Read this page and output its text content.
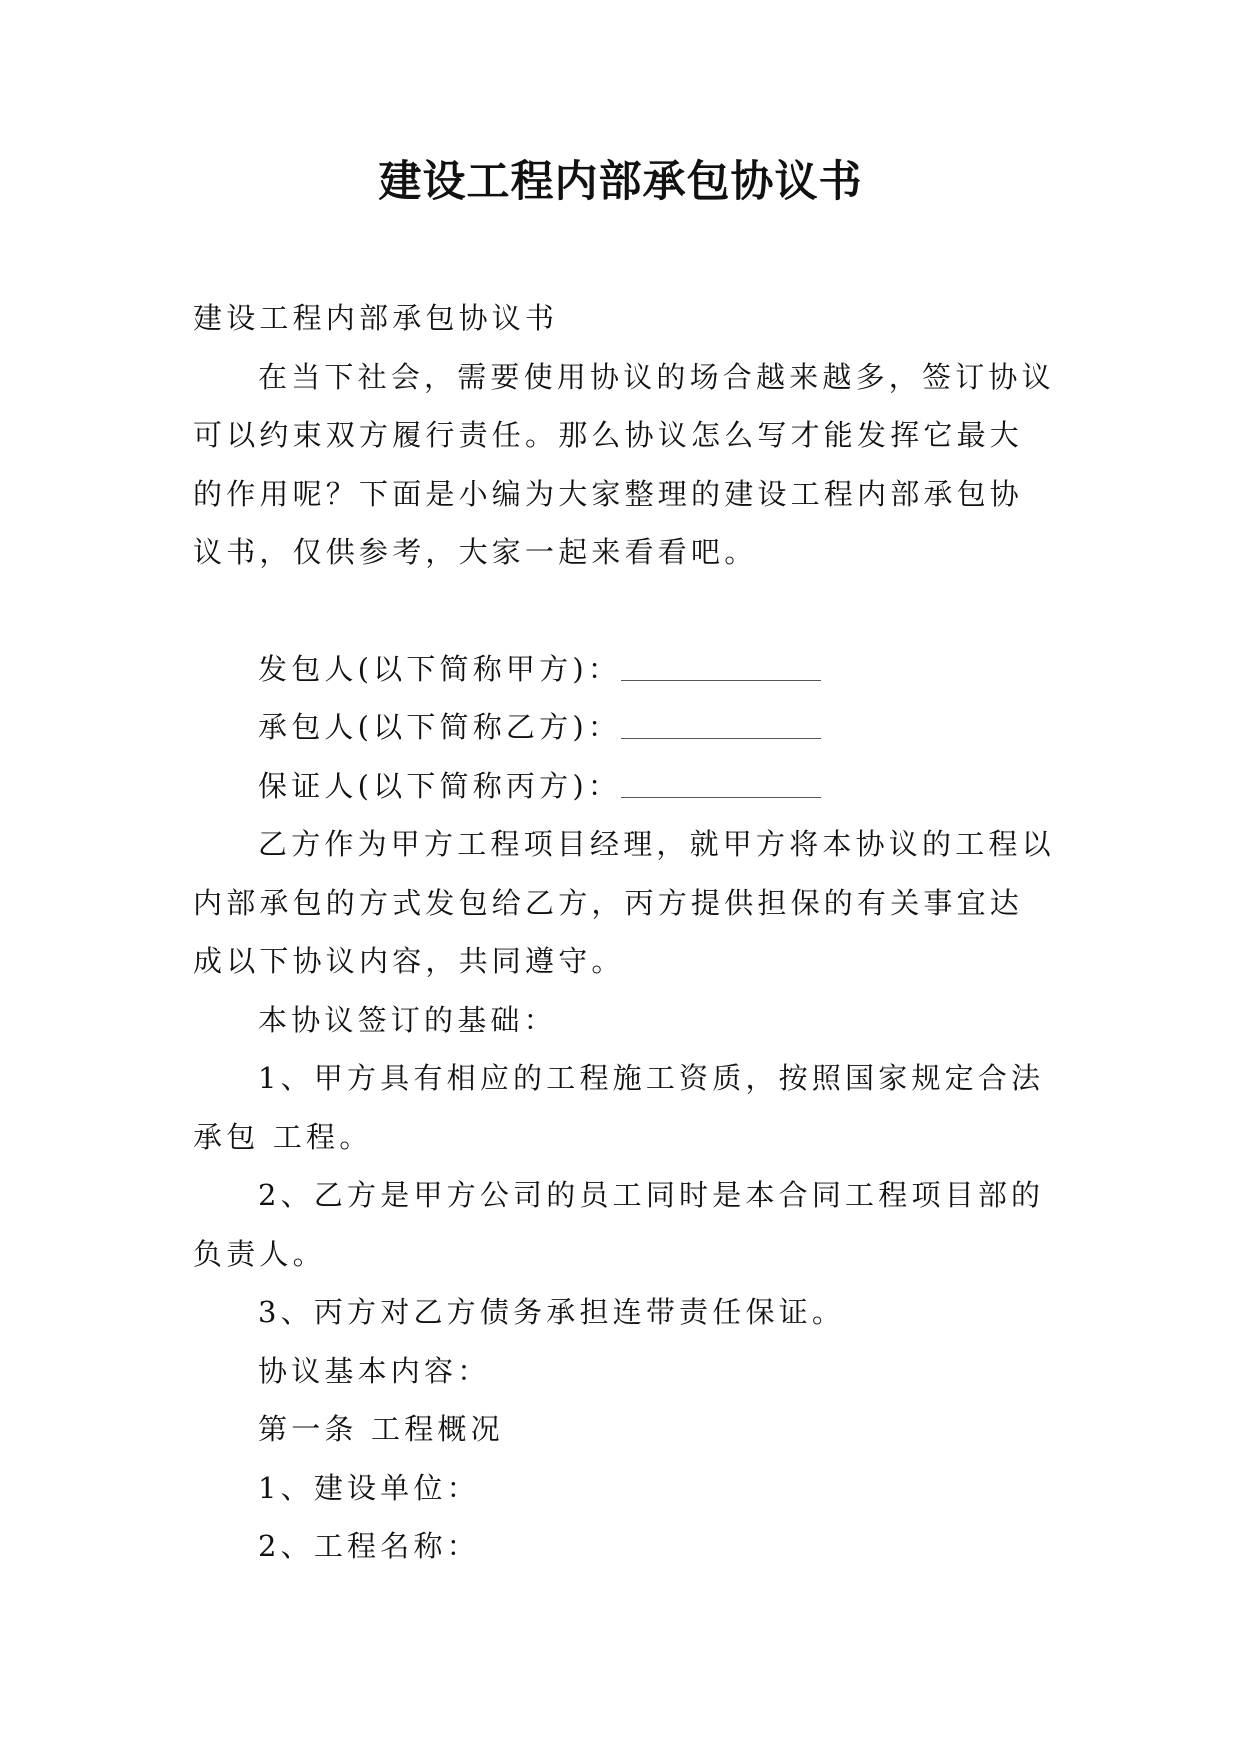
建设工程内部承包协议书

建设工程内部承包协议书

在当下社会，需要使用协议的场合越来越多，签订协议可以约束双方履行责任。那么协议怎么写才能发挥它最大的作用呢？下面是小编为大家整理的建设工程内部承包协议书，仅供参考，大家一起来看看吧。

发包人(以下简称甲方)：

承包人(以下简称乙方)：

保证人(以下简称丙方)：

乙方作为甲方工程项目经理，就甲方将本协议的工程以内部承包的方式发包给乙方，丙方提供担保的有关事宜达成以下协议内容，共同遵守。

本协议签订的基础：

1、甲方具有相应的工程施工资质，按照国家规定合法承包 工程。

2、乙方是甲方公司的员工同时是本合同工程项目部的负责人。

3、丙方对乙方债务承担连带责任保证。

协议基本内容：

第一条 工程概况

1、建设单位：

2、工程名称：
